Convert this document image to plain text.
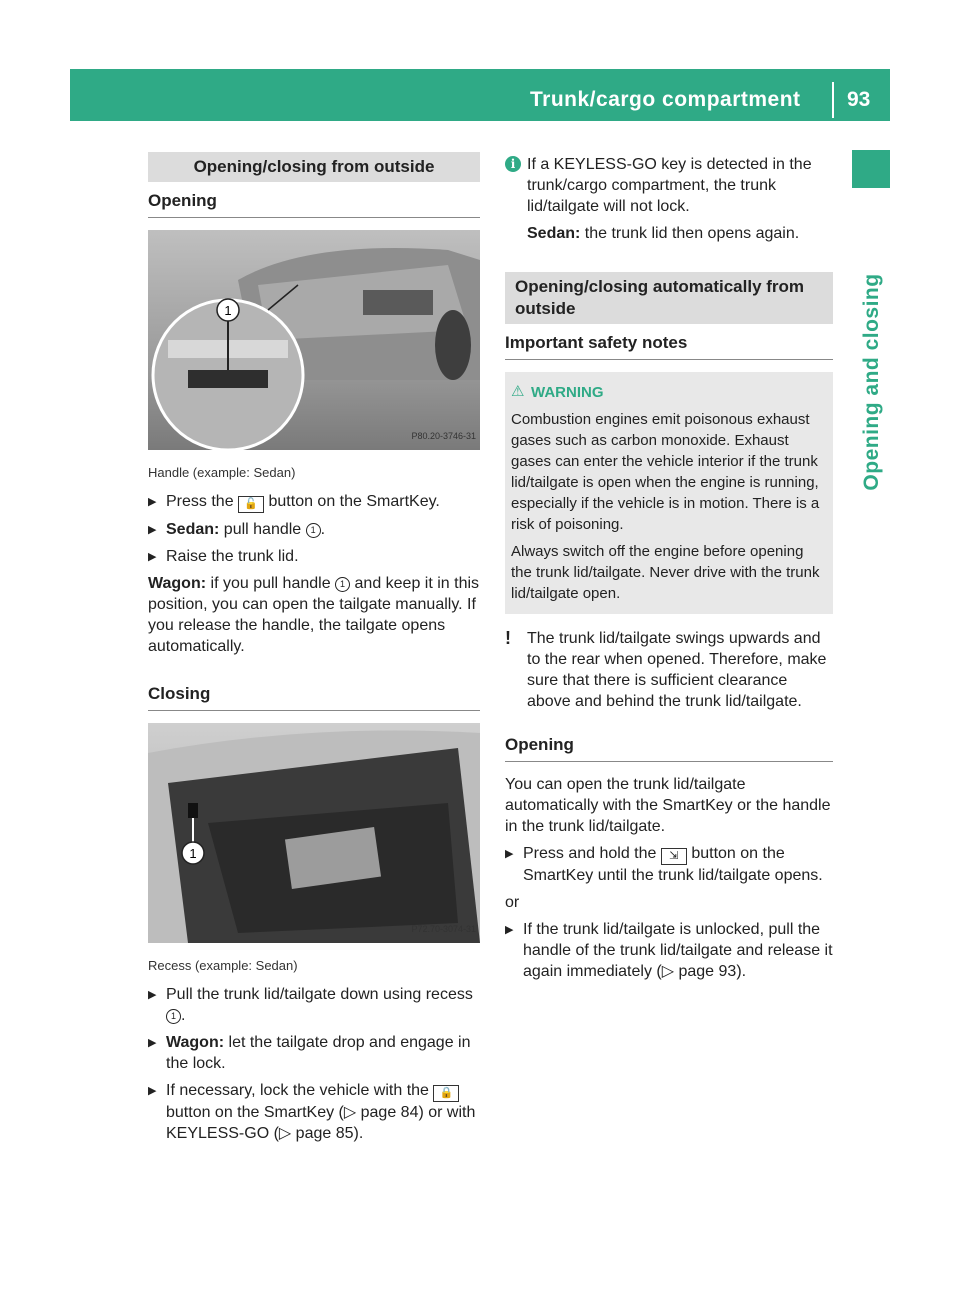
Trunk/cargo compartment 93
Opening and closing
Opening/closing from outside
Opening
1
P80.20-3746-31
Handle (example: Sedan)
▶ Press the 🔓 button on the SmartKey.
▶ Sedan: pull handle 1 .
▶ Raise the trunk lid.

Wagon: if you pull handle 1 and keep it in this position, you can open the tailgate manually. If you release the handle, the tailgate opens automatically.

Closing
1
P72.70-3074-31
Recess (example: Sedan)
▶ Pull the trunk lid/tailgate down using recess 1 .
▶ Wagon: let the tailgate drop and engage in the lock.
▶ If necessary, lock the vehicle with the 🔒 button on the SmartKey (▷ page 84) or with KEYLESS-GO (▷ page 85).
i If a KEYLESS-GO key is detected in the trunk/cargo compartment, the trunk lid/tailgate will not lock.

Sedan: the trunk lid then opens again.

Opening/closing automatically from outside
Important safety notes
⚠ WARNING

Combustion engines emit poisonous exhaust gases such as carbon monoxide. Exhaust gases can enter the vehicle interior if the trunk lid/tailgate is open when the engine is running, especially if the vehicle is in motion. There is a risk of poisoning.

Always switch off the engine before opening the trunk lid/tailgate. Never drive with the trunk lid/tailgate open.

! The trunk lid/tailgate swings upwards and to the rear when opened. Therefore, make sure that there is sufficient clearance above and behind the trunk lid/tailgate.

Opening

You can open the trunk lid/tailgate automatically with the SmartKey or the handle in the trunk lid/tailgate.

▶ Press and hold the ⇲ button on the SmartKey until the trunk lid/tailgate opens.

or

▶ If the trunk lid/tailgate is unlocked, pull the handle of the trunk lid/tailgate and release it again immediately (▷ page 93).
